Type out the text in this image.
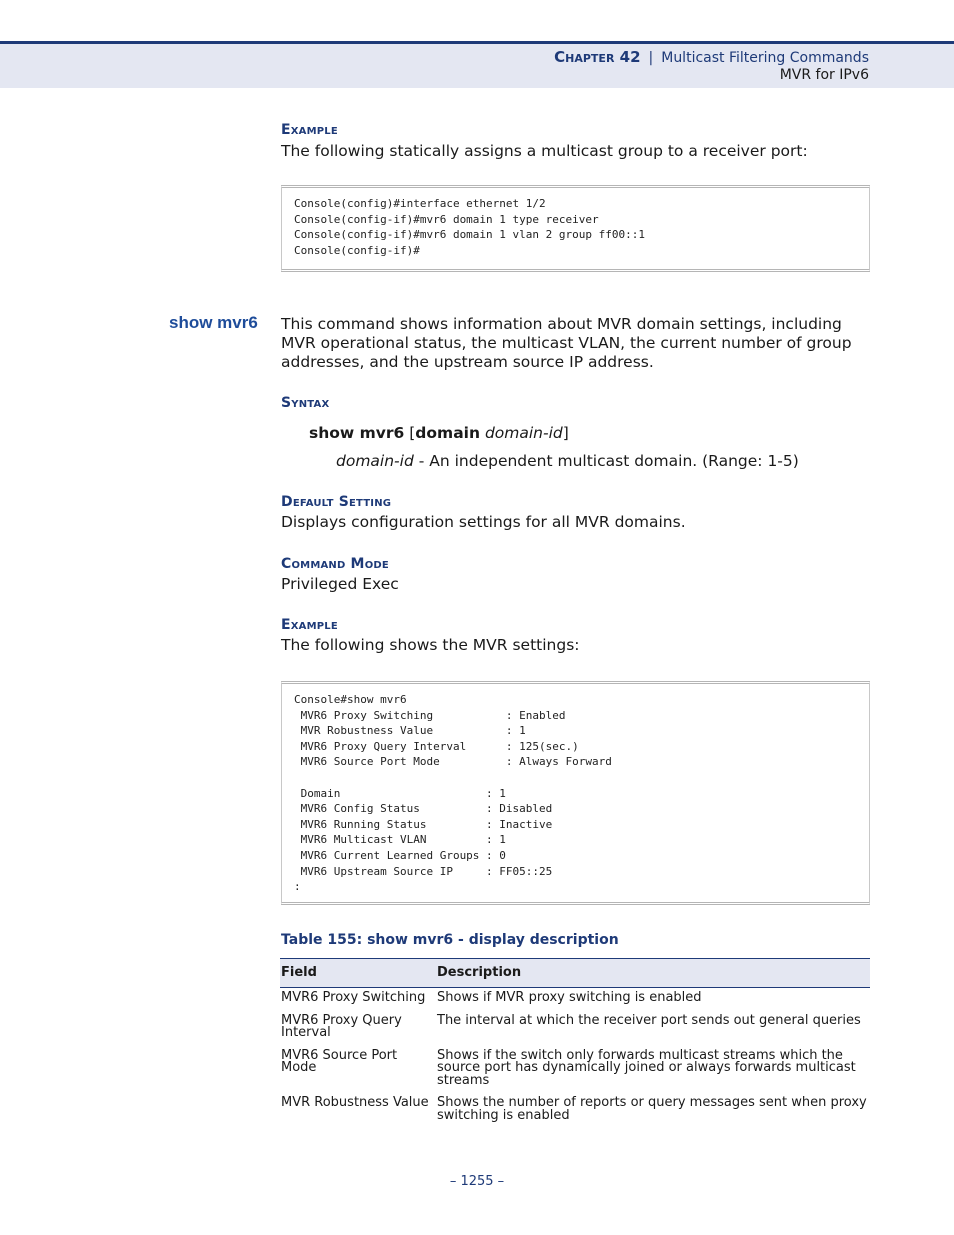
Chapter 42 | Multicast Filtering Commands
MVR for IPv6
Example
The following statically assigns a multicast group to a receiver port:
Console(config)#interface ethernet 1/2
Console(config-if)#mvr6 domain 1 type receiver
Console(config-if)#mvr6 domain 1 vlan 2 group ff00::1
Console(config-if)#
show mvr6 This command shows information about MVR domain settings, including MVR operational status, the multicast VLAN, the current number of group addresses, and the upstream source IP address.
Syntax
show mvr6 [domain domain-id]
domain-id - An independent multicast domain. (Range: 1-5)
Default Setting
Displays configuration settings for all MVR domains.
Command Mode
Privileged Exec
Example
The following shows the MVR settings:
Console#show mvr6
MVR6 Proxy Switching           : Enabled
MVR Robustness Value           : 1
MVR6 Proxy Query Interval      : 125(sec.)
MVR6 Source Port Mode          : Always Forward

Domain                      : 1
MVR6 Config Status          : Disabled
MVR6 Running Status         : Inactive
MVR6 Multicast VLAN         : 1
MVR6 Current Learned Groups : 0
MVR6 Upstream Source IP     : FF05::25
:
Table 155: show mvr6 - display description
Field	Description
MVR6 Proxy Switching	Shows if MVR proxy switching is enabled
MVR6 Proxy Query Interval	The interval at which the receiver port sends out general queries
MVR6 Source Port Mode	Shows if the switch only forwards multicast streams which the source port has dynamically joined or always forwards multicast streams
MVR Robustness Value	Shows the number of reports or query messages sent when proxy switching is enabled
– 1255 –
